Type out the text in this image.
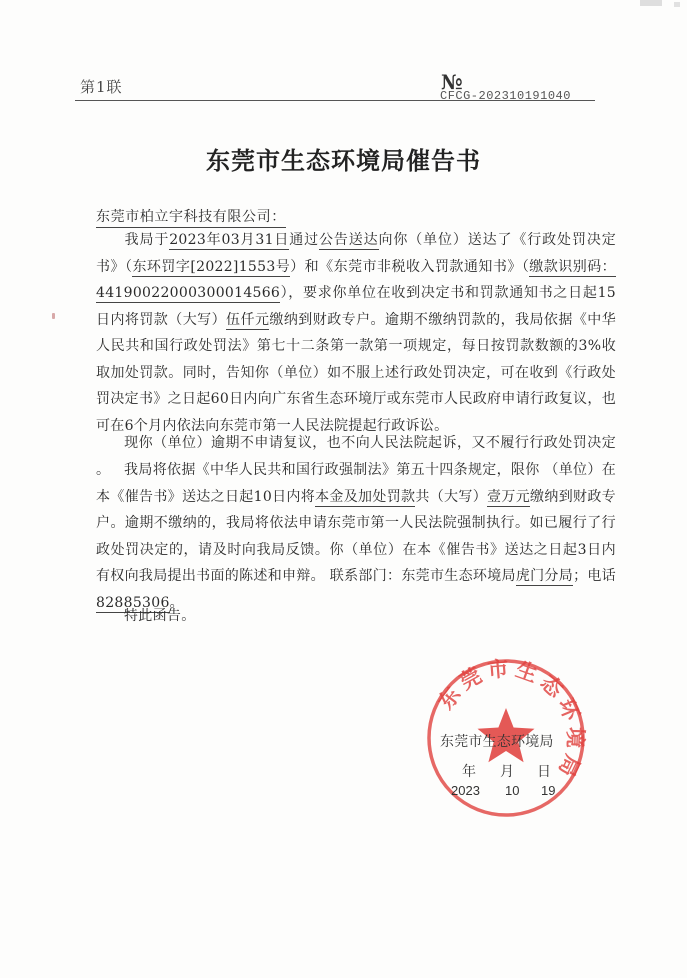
第1联	№
CFCG-202310191040
东莞市生态环境局催告书
东莞市柏立宇科技有限公司：
我局于2023年03月31日通过公告送达向你（单位）送达了《行政处罚决定书》（东环罚字[2022]1553号）和《东莞市非税收入罚款通知书》（缴款识别码：441900220003000145​66），要求你单位在收到决定书和罚款通知书之日起15日内将罚款（大写）伍仟元缴纳到财政专户。逾期不缴纳罚款的，我局依据《中华人民共和国行政处罚法》第七十二条第一款第一项规定，每日按罚款数额的3%收取加处罚款。同时，告知你（单位）如不服上述行政处罚决定，可在收到《行政处罚决定书》之日起60日内向广东省生态环境厅或东莞市人民政府申请行政复议，也可在6个月内依法向东莞市第一人民法院提起行政诉讼。
现你（单位）逾期不申请复议，也不向人民法院起诉，又不履行行政处罚决定 。 我局将依据《中华人民共和国行政强制法》第五十四条规定，限你 （单位）在本《催告书》送达之日起10日内将本金及加处罚款共（大写）壹万元缴纳到财政专户。逾期不缴纳的，我局将依法申请东莞市第一人民法院强制执行。如已履行了行政处罚决定的，请及时向我局反馈。你（单位）在本《催告书》送达之日起3日内有权向我局提出书面的陈述和申辩。 联系部门：东莞市生态环境局虎门分局；电话82885306。
特此函告。
东莞市生态环境局
东莞市生态环境局
年 月 日
2023 10 19
